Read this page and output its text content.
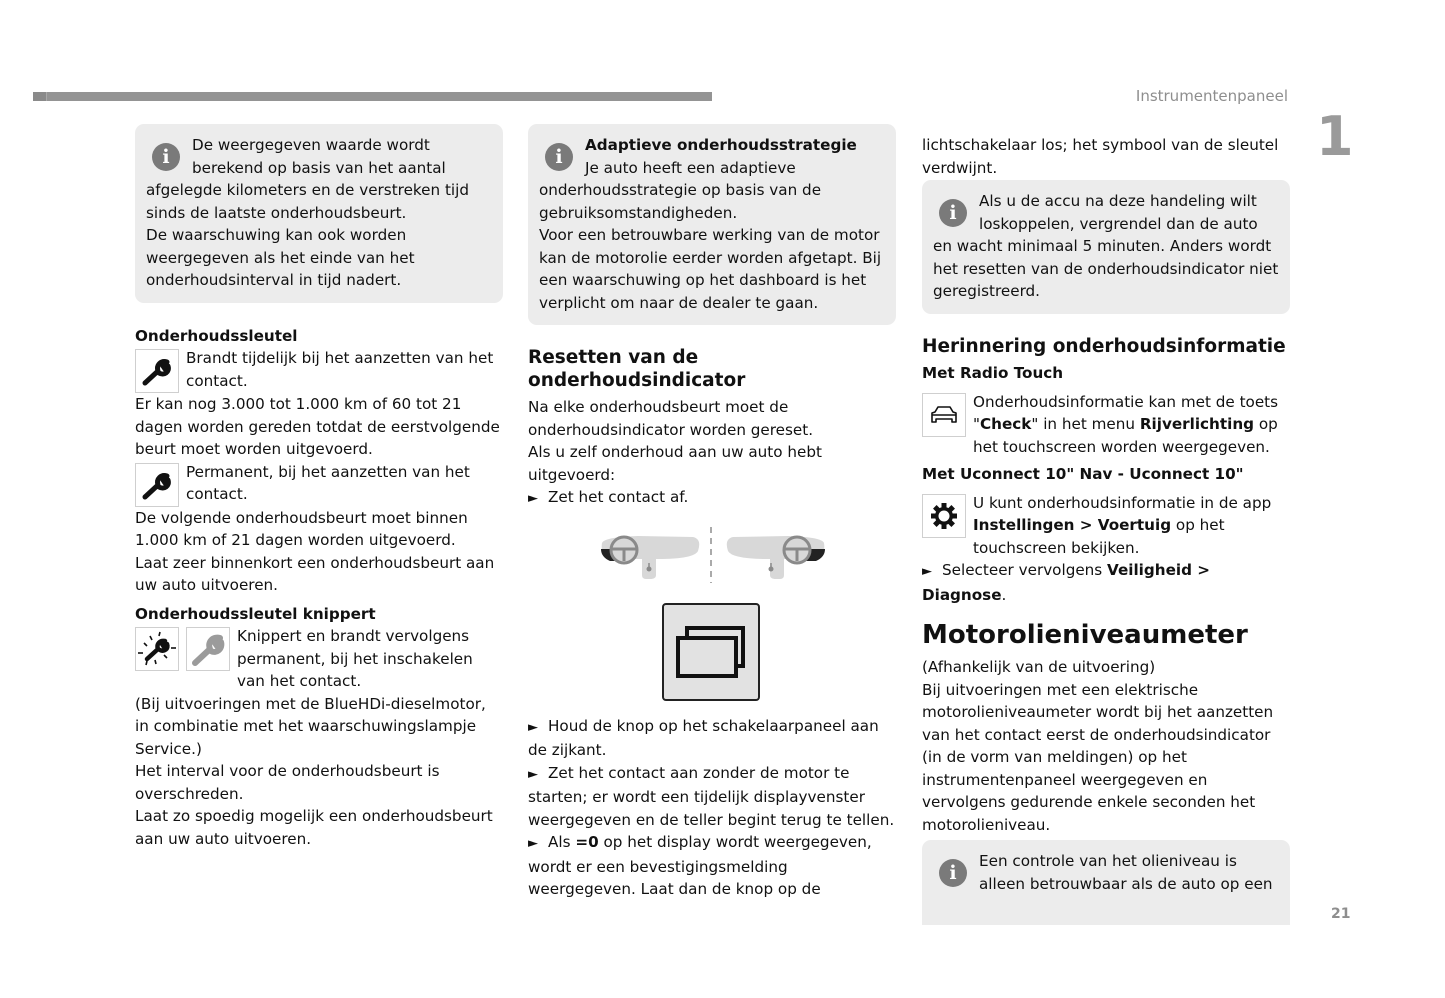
Instrumentenpaneel
1
21
i

De weergegeven waarde wordt berekend op basis van het aantal afgelegde kilometers en de verstreken tijd sinds de laatste onderhoudsbeurt.

De waarschuwing kan ook worden weergegeven als het einde van het onderhoudsinterval in tijd nadert.

Onderhoudssleutel

Brandt tijdelijk bij het aanzetten van het contact.

Er kan nog 3.000 tot 1.000 km of 60 tot 21 dagen worden gereden totdat de eerstvolgende beurt moet worden uitgevoerd.

Permanent, bij het aanzetten van het contact.

De volgende onderhoudsbeurt moet binnen 1.000 km of 21 dagen worden uitgevoerd.

Laat zeer binnenkort een onderhoudsbeurt aan uw auto uitvoeren.

Onderhoudssleutel knippert

Knippert en brandt vervolgens permanent, bij het inschakelen van het contact.

(Bij uitvoeringen met de BlueHDi-dieselmotor, in combinatie met het waarschuwingslampje Service.)

Het interval voor de onderhoudsbeurt is overschreden.

Laat zo spoedig mogelijk een onderhoudsbeurt aan uw auto uitvoeren.

i

Adaptieve onderhoudsstrategie

Je auto heeft een adaptieve onderhoudsstrategie op basis van de gebruiksomstandigheden.

Voor een betrouwbare werking van de motor kan de motorolie eerder worden afgetapt. Bij een waarschuwing op het dashboard is het verplicht om naar de dealer te gaan.

Resetten van de onderhoudsindicator

Na elke onderhoudsbeurt moet de onderhoudsindicator worden gereset.

Als u zelf onderhoud aan uw auto hebt uitgevoerd:

► Zet het contact af.

► Houd de knop op het schakelaarpaneel aan de zijkant.

► Zet het contact aan zonder de motor te starten; er wordt een tijdelijk displayvenster weergegeven en de teller begint terug te tellen.

► Als =0 op het display wordt weergegeven, wordt er een bevestigingsmelding weergegeven. Laat dan de knop op de

lichtschakelaar los; het symbool van de sleutel verdwijnt.

i

Als u de accu na deze handeling wilt loskoppelen, vergrendel dan de auto en wacht minimaal 5 minuten. Anders wordt het resetten van de onderhoudsindicator niet geregistreerd.

Herinnering onderhoudsinformatie
Met Radio Touch

Onderhoudsinformatie kan met de toets "Check" in het menu Rijverlichting op het touchscreen worden weergegeven.

Met Uconnect 10" Nav - Uconnect 10"

U kunt onderhoudsinformatie in de app Instellingen > Voertuig op het touchscreen bekijken.

► Selecteer vervolgens Veiligheid > Diagnose.

Motorolieniveaumeter

(Afhankelijk van de uitvoering)

Bij uitvoeringen met een elektrische motorolieniveaumeter wordt bij het aanzetten van het contact eerst de onderhoudsindicator (in de vorm van meldingen) op het instrumentenpaneel weergegeven en vervolgens gedurende enkele seconden het motorolieniveau.

i

Een controle van het olieniveau is alleen betrouwbaar als de auto op een
